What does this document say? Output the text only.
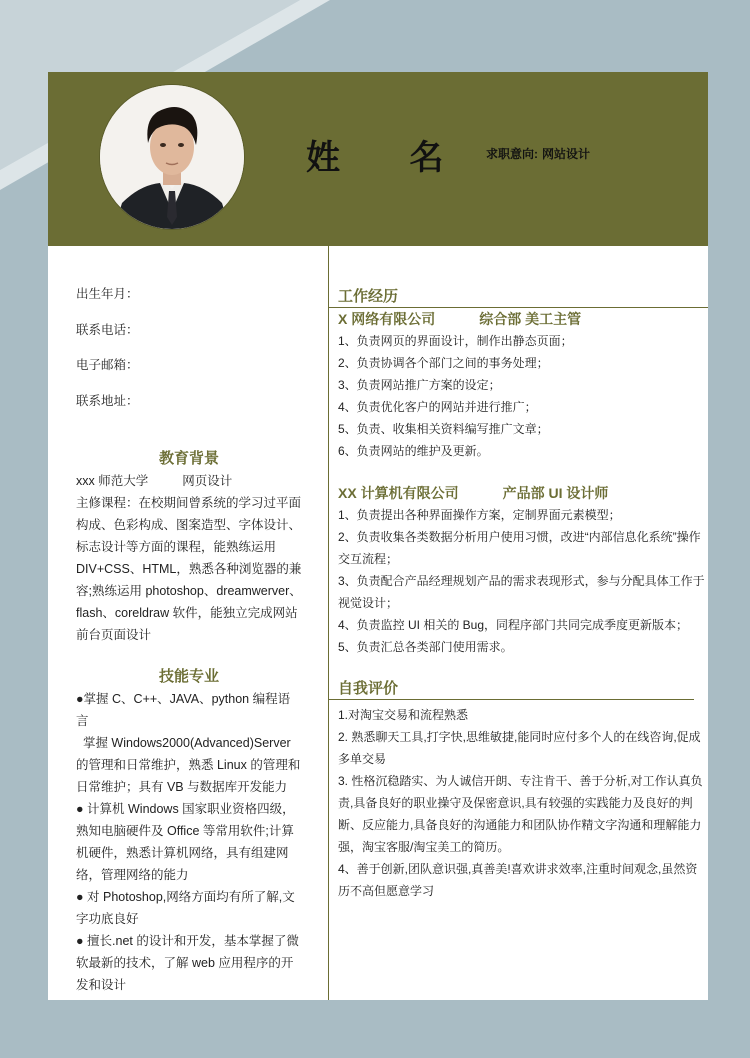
姓 名 求职意向: 网站设计
出生年月：
联系电话：
电子邮箱：
联系地址：
教育背景
xxx 师范大学	网页设计

主修课程：在校期间曾系统的学习过平面构成、色彩构成、图案造型、字体设计、标志设计等方面的课程，能熟练运用DIV+CSS、HTML，熟悉各种浏览器的兼容;熟练运用 photoshop、dreamwerver、flash、coreldraw 软件，能独立完成网站前台页面设计

技能专业

●掌握 C、C++、JAVA、python 编程语言

掌握 Windows2000(Advanced)Server 的管理和日常维护，熟悉 Linux 的管理和日常维护；具有 VB 与数据库开发能力

● 计算机 Windows 国家职业资格四级，熟知电脑硬件及 Office 等常用软件;计算机硬件，熟悉计算机网络，具有组建网络，管理网络的能力

● 对 Photoshop,网络方面均有所了解,文字功底良好

● 擅长.net 的设计和开发，基本掌握了微软最新的技术，了解 web 应用程序的开发和设计

工作经历
X 网络有限公司	综合部 美工主管

1、负责网页的界面设计，制作出静态页面；

2、负责协调各个部门之间的事务处理；

3、负责网站推广方案的设定；

4、负责优化客户的网站并进行推广；

5、负责、收集相关资料编写推广文章；

6、负责网站的维护及更新。

XX 计算机有限公司	产品部 UI 设计师

1、负责提出各种界面操作方案，定制界面元素模型；

2、负责收集各类数据分析用户使用习惯，改进“内部信息化系统”操作交互流程；

3、负责配合产品经理规划产品的需求表现形式，参与分配具体工作于视觉设计；

4、负责监控 UI 相关的 Bug，同程序部门共同完成季度更新版本；

5、负责汇总各类部门使用需求。

自我评价

1.对淘宝交易和流程熟悉

2. 熟悉聊天工具,打字快,思维敏捷,能同时应付多个人的在线咨询,促成多单交易

3. 性格沉稳踏实、为人诚信开朗、专注肯干、善于分析,对工作认真负责,具备良好的职业操守及保密意识,具有较强的实践能力及良好的判断、反应能力,具备良好的沟通能力和团队协作精文字沟通和理解能力强，淘宝客服/淘宝美工的简历。

4、善于创新,团队意识强,真善美!喜欢讲求效率,注重时间观念,虽然资历不高但愿意学习
